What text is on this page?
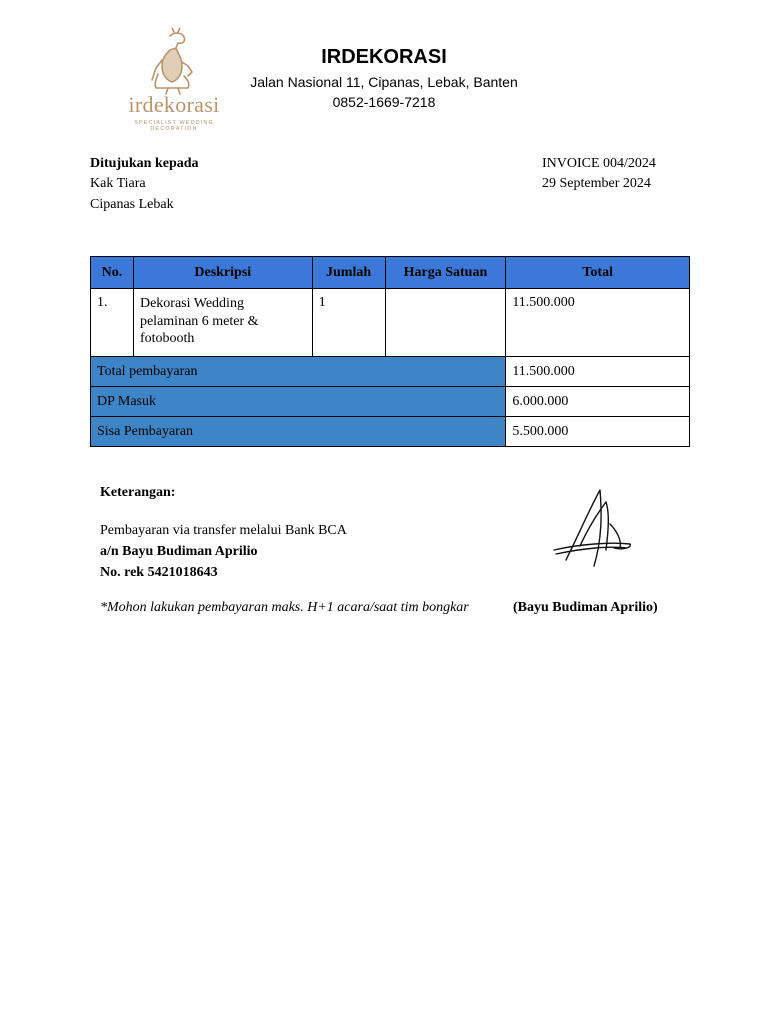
irdekorasi
SPECIALIST WEDDING DECORATION
IRDEKORASI
Jalan Nasional 11, Cipanas, Lebak, Banten
0852-1669-7218
Ditujukan kepada
Kak Tiara
Cipanas Lebak
INVOICE 004/2024
29 September 2024
No.	Deskripsi	Jumlah	Harga Satuan	Total
1.	Dekorasi Wedding
pelaminan 6 meter &
fotobooth	1		11.500.000
Total pembayaran				11.500.000
DP Masuk				6.000.000
Sisa Pembayaran				5.500.000
Keterangan:
Pembayaran via transfer melalui Bank BCA
a/n Bayu Budiman Aprilio
No. rek 5421018643
*Mohon lakukan pembayaran maks. H+1 acara/saat tim bongkar	(Bayu Budiman Aprilio)
